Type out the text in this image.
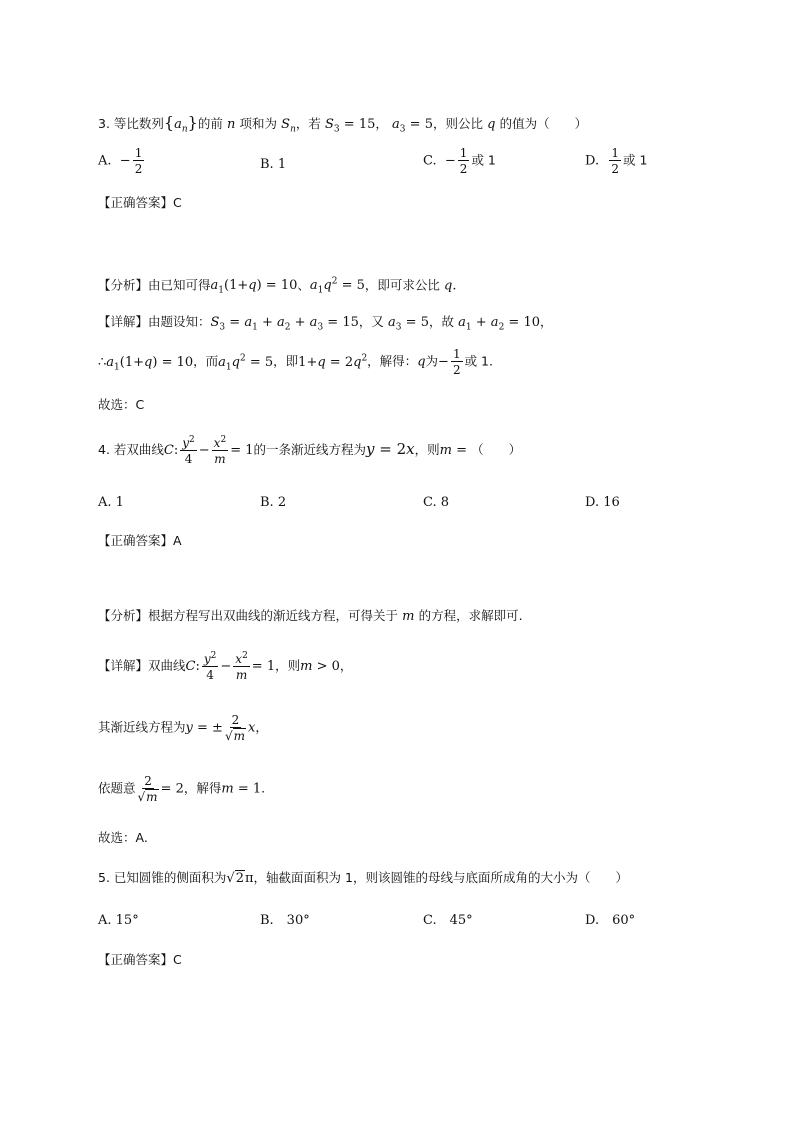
3. 等比数列$\{a_n\}$的前 n 项和为 $S_n$，若 $S_3 = 15$， $a_3 = 5$，则公比 q 的值为（　　）
A. − $\frac{1}{2}$	B. 1	C. − $\frac{1}{2}$ 或 1	D. $\frac{1}{2}$ 或 1
【正确答案】C
【分析】由已知可得$a_1(1+q) = 10$、$a_1q^2 = 5$，即可求公比 q.
【详解】由题设知：$S_3 = a_1 + a_2 + a_3 = 15$，又 $a_3 = 5$，故 $a_1 + a_2 = 10$，
$\therefore a_1(1+q) = 10$，而$a_1q^2 = 5$，即$1+q = 2q^2$，解得：q为− $\frac{1}{2}$ 或 1.
故选：C
4. 若双曲线C: $\frac{y^2}{4} - \frac{x^2}{m} = 1$的一条渐近线方程为y = 2x，则m = （　　）
A. 1	B. 2	C. 8	D. 16
【正确答案】A
【分析】根据方程写出双曲线的渐近线方程，可得关于 m 的方程，求解即可.
【详解】双曲线C: $\frac{y^2}{4} - \frac{x^2}{m} = 1$，则m > 0，
其渐近线方程为y = ± $\frac{2}{√m}$ x，
依题意 $\frac{2}{√m} = 2$，解得m = 1.
故选：A.
5. 已知圆锥的侧面积为√2π，轴截面面积为 1，则该圆锥的母线与底面所成角的大小为（　　）
A. 15°	B.　30°	C.　45°	D.　60°
【正确答案】C
